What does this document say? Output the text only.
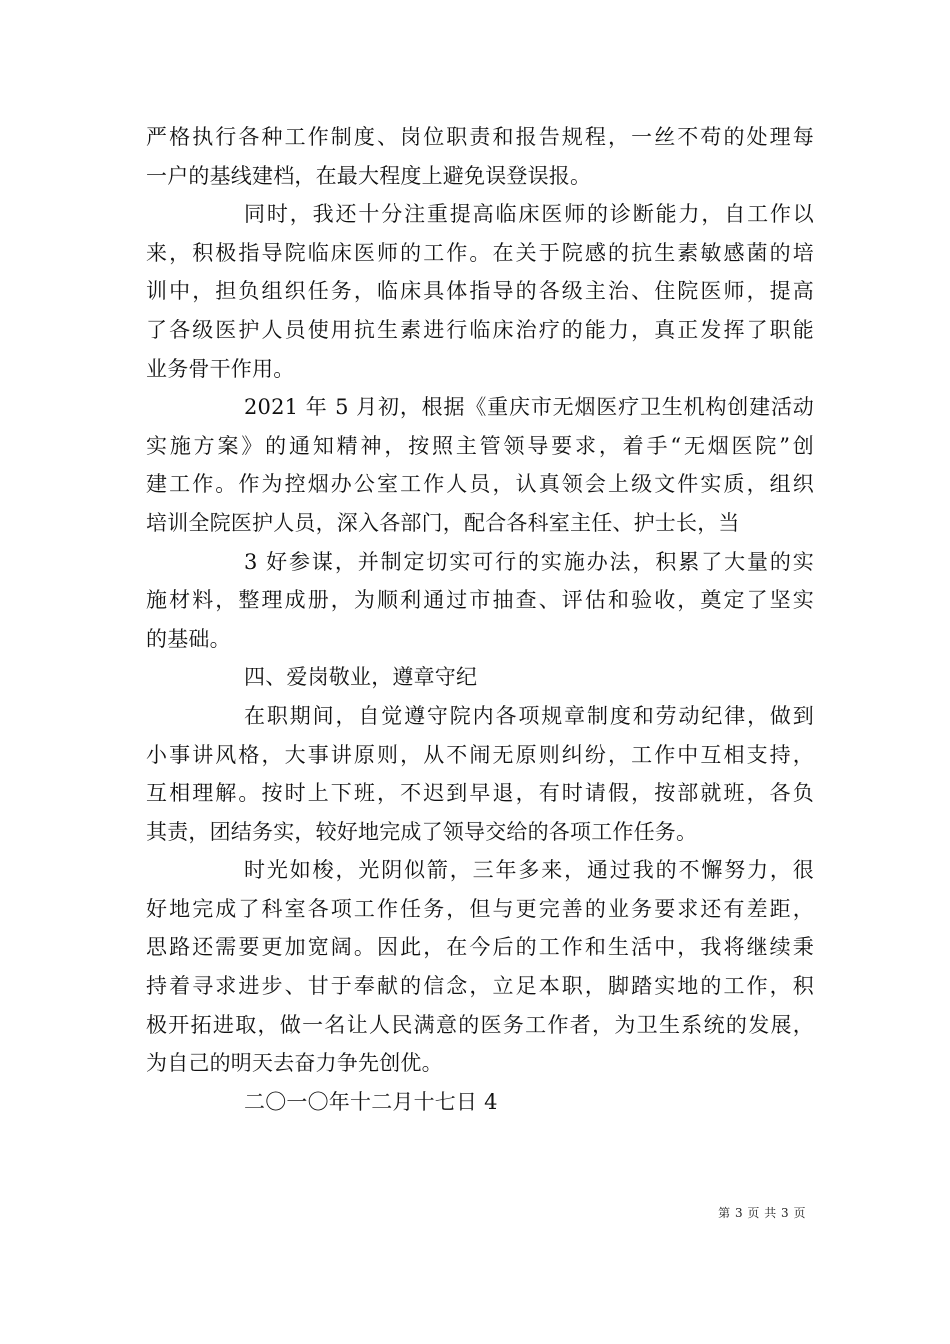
严格执行各种工作制度、岗位职责和报告规程，一丝不苟的处理每
一户的基线建档，在最大程度上避免误登误报。
同时，我还十分注重提高临床医师的诊断能力，自工作以
来，积极指导院临床医师的工作。在关于院感的抗生素敏感菌的培
训中，担负组织任务，临床具体指导的各级主治、住院医师，提高
了各级医护人员使用抗生素进行临床治疗的能力，真正发挥了职能
业务骨干作用。
2021 年 5 月初，根据《重庆市无烟医疗卫生机构创建活动
实施方案》的通知精神，按照主管领导要求，着手“无烟医院”创
建工作。作为控烟办公室工作人员，认真领会上级文件实质，组织
培训全院医护人员，深入各部门，配合各科室主任、护士长，当
3 好参谋，并制定切实可行的实施办法，积累了大量的实
施材料，整理成册，为顺利通过市抽查、评估和验收，奠定了坚实
的基础。
四、爱岗敬业，遵章守纪
在职期间，自觉遵守院内各项规章制度和劳动纪律，做到
小事讲风格，大事讲原则，从不闹无原则纠纷，工作中互相支持，
互相理解。按时上下班，不迟到早退，有时请假，按部就班，各负
其责，团结务实，较好地完成了领导交给的各项工作任务。
时光如梭，光阴似箭，三年多来，通过我的不懈努力，很
好地完成了科室各项工作任务，但与更完善的业务要求还有差距，
思路还需要更加宽阔。因此，在今后的工作和生活中，我将继续秉
持着寻求进步、甘于奉献的信念，立足本职，脚踏实地的工作，积
极开拓进取，做一名让人民满意的医务工作者，为卫生系统的发展，
为自己的明天去奋力争先创优。
二〇一〇年十二月十七日 4
第 3 页 共 3 页
